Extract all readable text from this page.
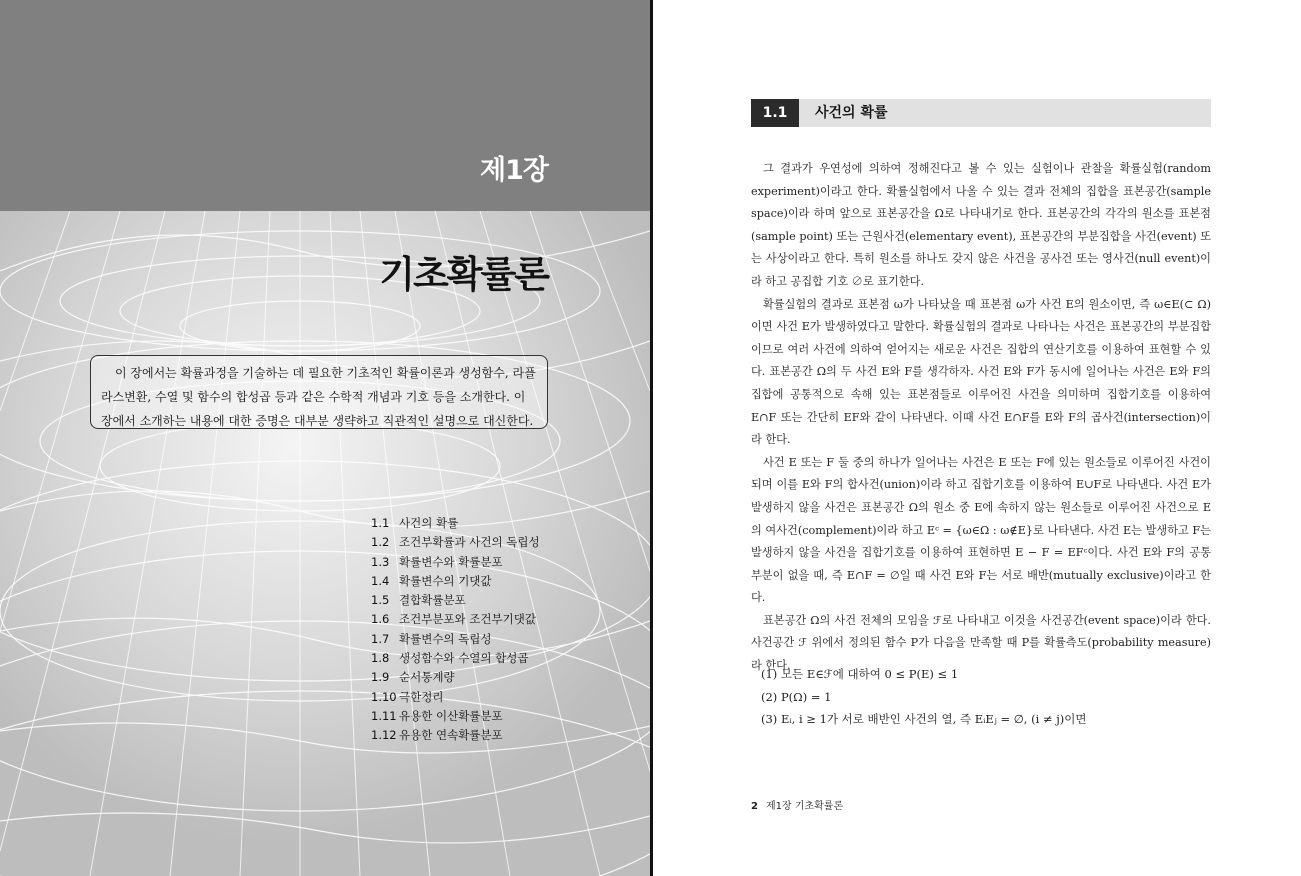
제1장
기초확률론
이 장에서는 확률과정을 기술하는 데 필요한 기초적인 확률이론과 생성함수, 라플
라스변환, 수열 및 함수의 합성곱 등과 같은 수학적 개념과 기호 등을 소개한다. 이
장에서 소개하는 내용에 대한 증명은 대부분 생략하고 직관적인 설명으로 대신한다.
1.1 사건의 확률
1.2 조건부확률과 사건의 독립성
1.3 확률변수와 확률분포
1.4 확률변수의 기댓값
1.5 결합확률분포
1.6 조건부분포와 조건부기댓값
1.7 확률변수의 독립성
1.8 생성함수와 수열의 합성곱
1.9 순서통계량
1.10 극한정리
1.11 유용한 이산확률분포
1.12 유용한 연속확률분포
1.1	사건의 확률

그 결과가 우연성에 의하여 정해진다고 볼 수 있는 실험이나 관찰을 확률실험(random experiment)이라고 한다. 확률실험에서 나올 수 있는 결과 전체의 집합을 표본공간(sample space)이라 하며 앞으로 표본공간을 Ω로 나타내기로 한다. 표본공간의 각각의 원소를 표본점(sample point) 또는 근원사건(elementary event), 표본공간의 부분집합을 사건(event) 또는 사상이라고 한다. 특히 원소를 하나도 갖지 않은 사건을 공사건 또는 영사건(null event)이라 하고 공집합 기호 ∅로 표기한다.

확률실험의 결과로 표본점 ω가 나타났을 때 표본점 ω가 사건 E의 원소이면, 즉 ω∈E(⊂ Ω)이면 사건 E가 발생하였다고 말한다. 확률실험의 결과로 나타나는 사건은 표본공간의 부분집합이므로 여러 사건에 의하여 얻어지는 새로운 사건은 집합의 연산기호를 이용하여 표현할 수 있다. 표본공간 Ω의 두 사건 E와 F를 생각하자. 사건 E와 F가 동시에 일어나는 사건은 E와 F의 집합에 공통적으로 속해 있는 표본점들로 이루어진 사건을 의미하며 집합기호를 이용하여 E∩F 또는 간단히 EF와 같이 나타낸다. 이때 사건 E∩F를 E와 F의 곱사건(intersection)이라 한다.

사건 E 또는 F 둘 중의 하나가 일어나는 사건은 E 또는 F에 있는 원소들로 이루어진 사건이 되며 이를 E와 F의 합사건(union)이라 하고 집합기호를 이용하여 E∪F로 나타낸다. 사건 E가 발생하지 않을 사건은 표본공간 Ω의 원소 중 E에 속하지 않는 원소들로 이루어진 사건으로 E의 여사건(complement)이라 하고 Eᶜ = {ω∈Ω : ω∉E}로 나타낸다. 사건 E는 발생하고 F는 발생하지 않을 사건을 집합기호를 이용하여 표현하면 E − F = EFᶜ이다. 사건 E와 F의 공통 부분이 없을 때, 즉 E∩F = ∅일 때 사건 E와 F는 서로 배반(mutually exclusive)이라고 한다.

표본공간 Ω의 사건 전체의 모임을 ℱ로 나타내고 이것을 사건공간(event space)이라 한다. 사건공간 ℱ 위에서 정의된 함수 P가 다음을 만족할 때 P를 확률측도(probability measure)라 한다.

(1) 모든 E∈ℱ에 대하여 0 ≤ P(E) ≤ 1
(2) P(Ω) = 1
(3) Eᵢ, i ≥ 1가 서로 배반인 사건의 열, 즉 EᵢEⱼ = ∅, (i ≠ j)이면
2 제1장 기초확률론
